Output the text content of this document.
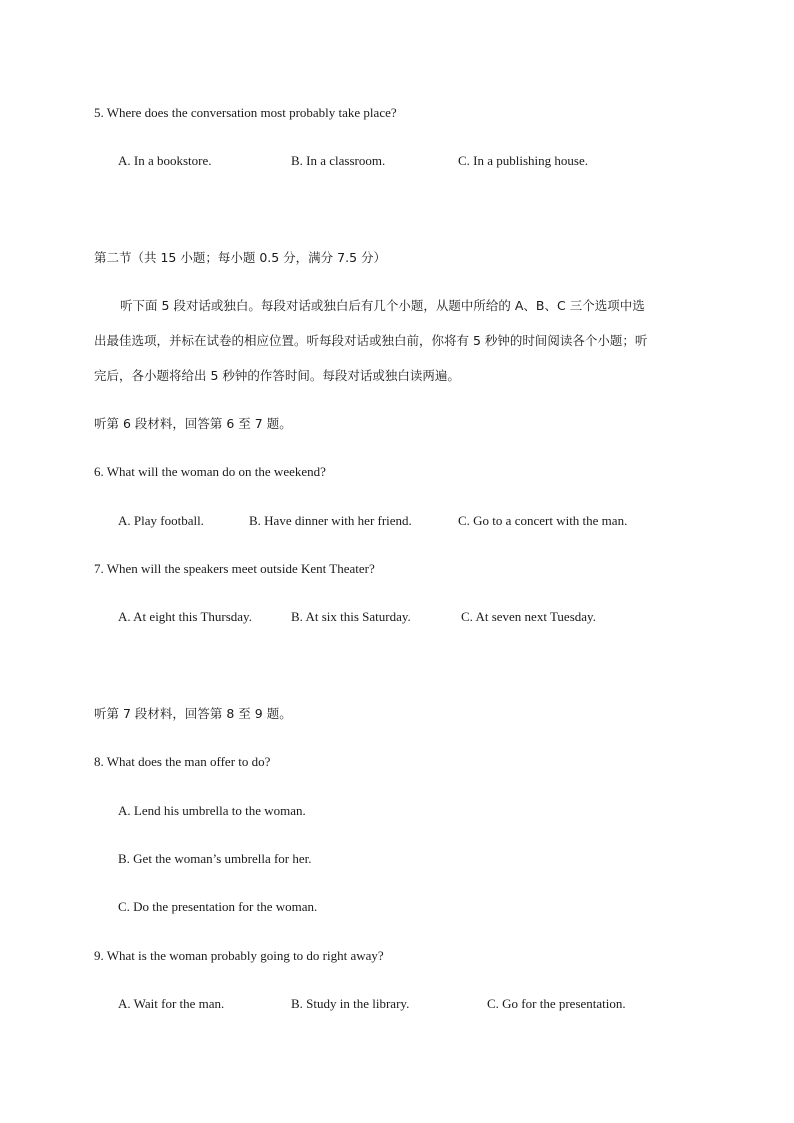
5. Where does the conversation most probably take place?
A. In a bookstore.	B. In a classroom.	C. In a publishing house.
第二节（共 15 小题；每小题 0.5 分，满分 7.5 分）
听下面 5 段对话或独白。每段对话或独白后有几个小题，从题中所给的 A、B、C 三个选项中选
出最佳选项，并标在试卷的相应位置。听每段对话或独白前，你将有 5 秒钟的时间阅读各个小题；听
完后，各小题将给出 5 秒钟的作答时间。每段对话或独白读两遍。
听第 6 段材料，回答第 6 至 7 题。
6. What will the woman do on the weekend?
A. Play football.	B. Have dinner with her friend.	C. Go to a concert with the man.
7. When will the speakers meet outside Kent Theater?
A. At eight this Thursday.	B. At six this Saturday.	C. At seven next Tuesday.
听第 7 段材料，回答第 8 至 9 题。
8. What does the man offer to do?
A. Lend his umbrella to the woman.
B. Get the woman’s umbrella for her.
C. Do the presentation for the woman.
9. What is the woman probably going to do right away?
A. Wait for the man.	B. Study in the library.	C. Go for the presentation.
